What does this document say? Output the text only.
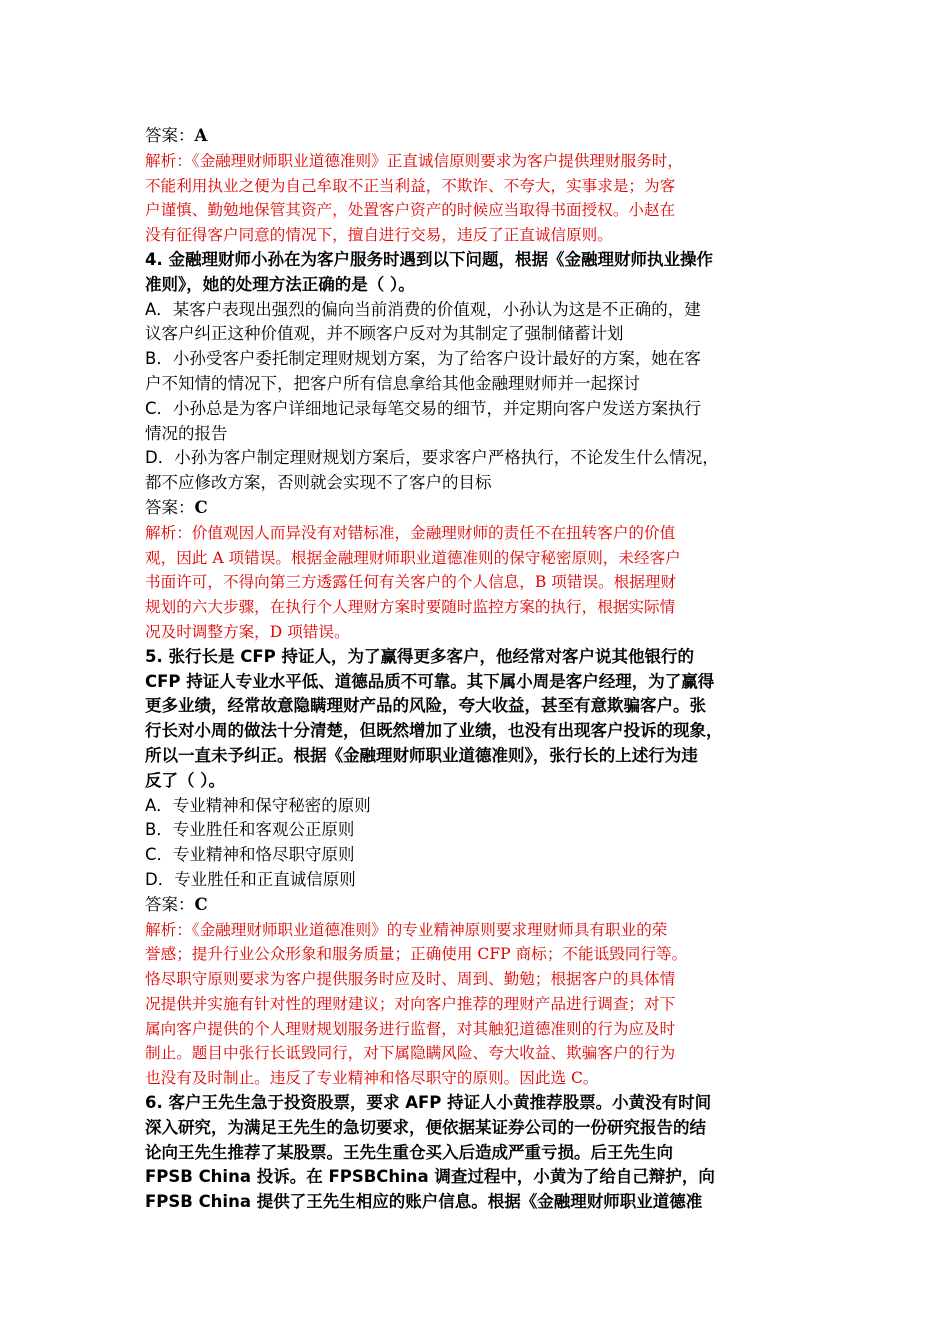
答案：A
解析：《金融理财师职业道德准则》正直诚信原则要求为客户提供理财服务时，
不能利用执业之便为自己牟取不正当利益，不欺诈、不夸大，实事求是；为客
户谨慎、勤勉地保管其资产，处置客户资产的时候应当取得书面授权。小赵在
没有征得客户同意的情况下，擅自进行交易，违反了正直诚信原则。
4. 金融理财师小孙在为客户服务时遇到以下问题，根据《金融理财师执业操作
准则》，她的处理方法正确的是（ ）。
A．某客户表现出强烈的偏向当前消费的价值观，小孙认为这是不正确的，建
议客户纠正这种价值观，并不顾客户反对为其制定了强制储蓄计划
B．小孙受客户委托制定理财规划方案，为了给客户设计最好的方案，她在客
户不知情的情况下，把客户所有信息拿给其他金融理财师并一起探讨
C．小孙总是为客户详细地记录每笔交易的细节，并定期向客户发送方案执行
情况的报告
D．小孙为客户制定理财规划方案后，要求客户严格执行，不论发生什么情况，
都不应修改方案，否则就会实现不了客户的目标
答案：C
解析：价值观因人而异没有对错标准，金融理财师的责任不在扭转客户的价值
观，因此 A 项错误。根据金融理财师职业道德准则的保守秘密原则，未经客户
书面许可，不得向第三方透露任何有关客户的个人信息，B 项错误。根据理财
规划的六大步骤，在执行个人理财方案时要随时监控方案的执行，根据实际情
况及时调整方案，D 项错误。
5. 张行长是 CFP 持证人，为了赢得更多客户，他经常对客户说其他银行的
CFP 持证人专业水平低、道德品质不可靠。其下属小周是客户经理，为了赢得
更多业绩，经常故意隐瞒理财产品的风险，夸大收益，甚至有意欺骗客户。张
行长对小周的做法十分清楚，但既然增加了业绩，也没有出现客户投诉的现象，
所以一直未予纠正。根据《金融理财师职业道德准则》，张行长的上述行为违
反了（ ）。
A．专业精神和保守秘密的原则
B．专业胜任和客观公正原则
C．专业精神和恪尽职守原则
D．专业胜任和正直诚信原则
答案：C
解析：《金融理财师职业道德准则》的专业精神原则要求理财师具有职业的荣
誉感；提升行业公众形象和服务质量；正确使用 CFP 商标；不能诋毁同行等。
恪尽职守原则要求为客户提供服务时应及时、周到、勤勉；根据客户的具体情
况提供并实施有针对性的理财建议；对向客户推荐的理财产品进行调查；对下
属向客户提供的个人理财规划服务进行监督，对其触犯道德准则的行为应及时
制止。题目中张行长诋毁同行，对下属隐瞒风险、夸大收益、欺骗客户的行为
也没有及时制止。违反了专业精神和恪尽职守的原则。因此选 C。
6. 客户王先生急于投资股票，要求 AFP 持证人小黄推荐股票。小黄没有时间
深入研究，为满足王先生的急切要求，便依据某证券公司的一份研究报告的结
论向王先生推荐了某股票。王先生重仓买入后造成严重亏损。后王先生向
FPSB China 投诉。在 FPSBChina 调查过程中，小黄为了给自己辩护，向
FPSB China 提供了王先生相应的账户信息。根据《金融理财师职业道德准
